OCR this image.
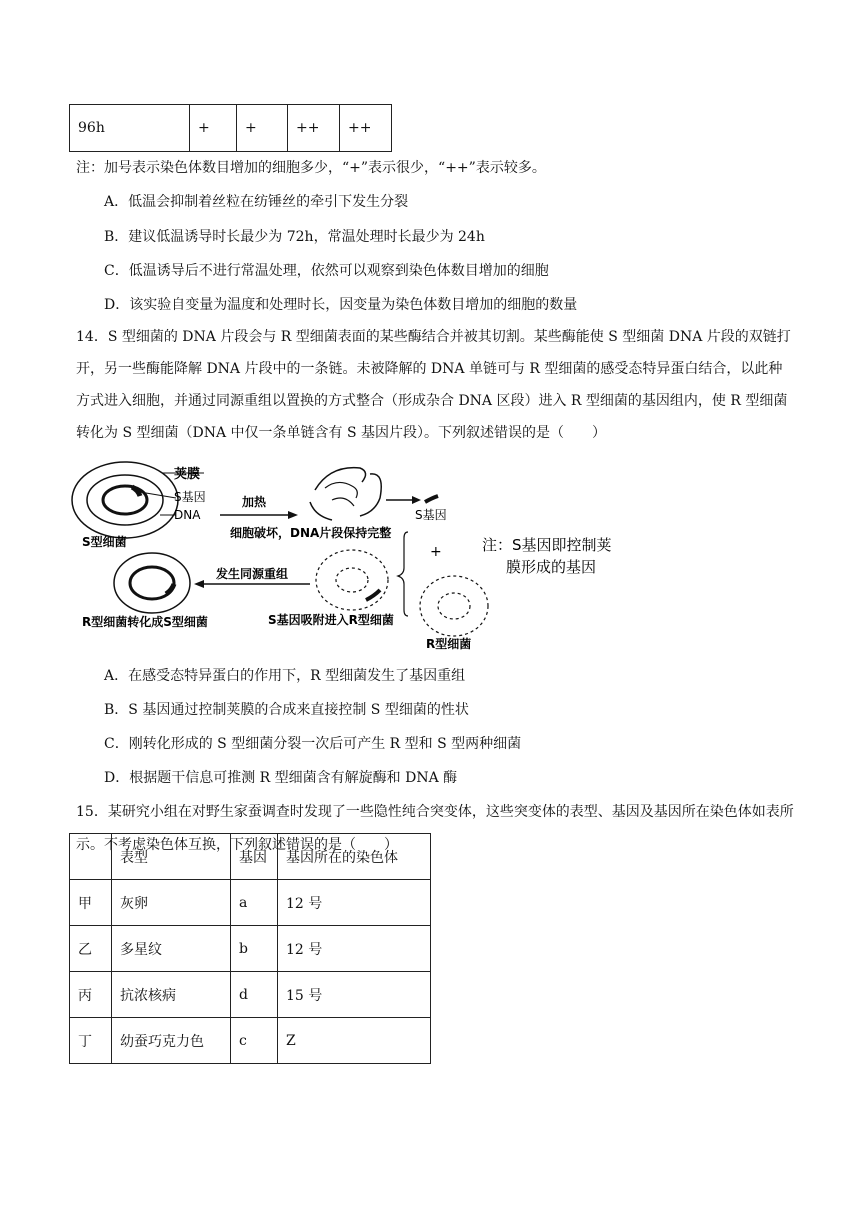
96h	+	+	++	++
注：加号表示染色体数目增加的细胞多少，“+”表示很少，“++”表示较多。
A．低温会抑制着丝粒在纺锤丝的牵引下发生分裂
B．建议低温诱导时长最少为 72h，常温处理时长最少为 24h
C．低温诱导后不进行常温处理，依然可以观察到染色体数目增加的细胞
D．该实验自变量为温度和处理时长，因变量为染色体数目增加的细胞的数量
14．S 型细菌的 DNA 片段会与 R 型细菌表面的某些酶结合并被其切割。某些酶能使 S 型细菌 DNA 片段的双链打开，另一些酶能降解 DNA 片段中的一条链。未被降解的 DNA 单链可与 R 型细菌的感受态特异蛋白结合，以此种方式进入细胞，并通过同源重组以置换的方式整合（形成杂合 DNA 区段）进入 R 型细菌的基因组内，使 R 型细菌转化为 S 型细菌（DNA 中仅一条单链含有 S 基因片段）。下列叙述错误的是（　　）
荚膜
S基因
DNA
S型细菌
加热
细胞破坏，DNA片段保持完整
S基因
+	注：S基因即控制荚
膜形成的基因
S基因吸附进入R型细菌
R型细菌
发生同源重组
R型细菌转化成S型细菌
A．在感受态特异蛋白的作用下，R 型细菌发生了基因重组
B．S 基因通过控制荚膜的合成来直接控制 S 型细菌的性状
C．刚转化形成的 S 型细菌分裂一次后可产生 R 型和 S 型两种细菌
D．根据题干信息可推测 R 型细菌含有解旋酶和 DNA 酶
15．某研究小组在对野生家蚕调查时发现了一些隐性纯合突变体，这些突变体的表型、基因及基因所在染色体如表所示。不考虑染色体互换，下列叙述错误的是（　　）
	表型	基因	基因所在的染色体
甲	灰卵	a	12 号
乙	多星纹	b	12 号
丙	抗浓核病	d	15 号
丁	幼蚕巧克力色	c	Z
